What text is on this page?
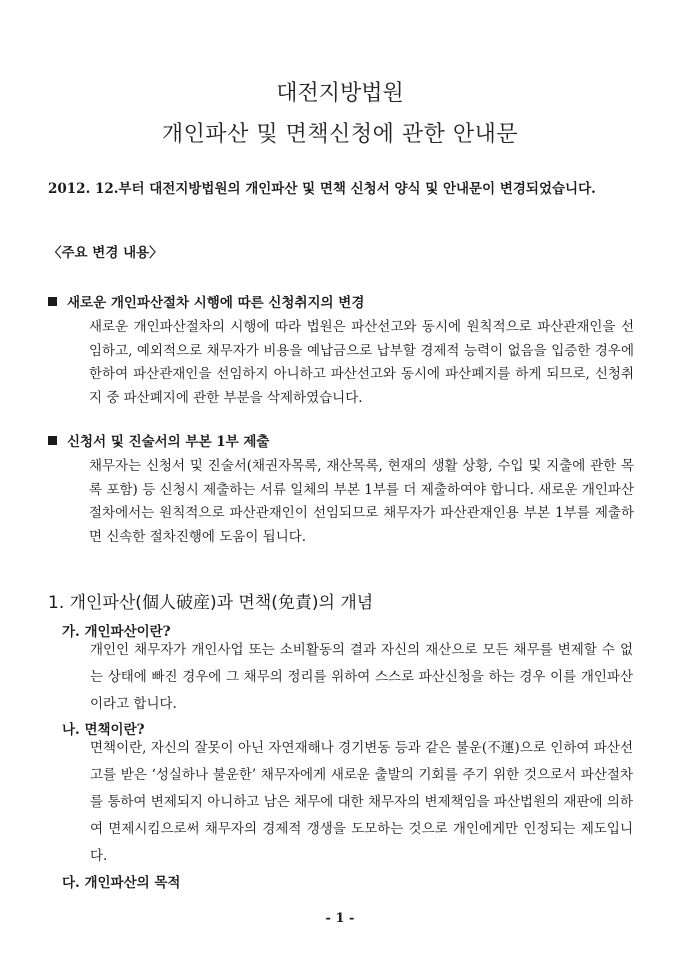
대전지방법원
개인파산 및 면책신청에 관한 안내문
2012. 12.부터 대전지방법원의 개인파산 및 면책 신청서 양식 및 안내문이 변경되었습니다.
〈주요 변경 내용〉
새로운 개인파산절차 시행에 따른 신청취지의 변경
새로운 개인파산절차의 시행에 따라 법원은 파산선고와 동시에 원칙적으로 파산관재인을 선임하고, 예외적으로 채무자가 비용을 예납금으로 납부할 경제적 능력이 없음을 입증한 경우에 한하여 파산관재인을 선임하지 아니하고 파산선고와 동시에 파산폐지를 하게 되므로, 신청취지 중 파산폐지에 관한 부분을 삭제하였습니다.
신청서 및 진술서의 부본 1부 제출
채무자는 신청서 및 진술서(채권자목록, 재산목록, 현재의 생활 상황, 수입 및 지출에 관한 목록 포함) 등 신청시 제출하는 서류 일체의 부본 1부를 더 제출하여야 합니다. 새로운 개인파산절차에서는 원칙적으로 파산관재인이 선임되므로 채무자가 파산관재인용 부본 1부를 제출하면 신속한 절차진행에 도움이 됩니다.
1. 개인파산(個人破産)과 면책(免責)의 개념
가. 개인파산이란?
개인인 채무자가 개인사업 또는 소비활동의 결과 자신의 재산으로 모든 채무를 변제할 수 없는 상태에 빠진 경우에 그 채무의 정리를 위하여 스스로 파산신청을 하는 경우 이를 개인파산이라고 합니다.
나. 면책이란?
면책이란, 자신의 잘못이 아닌 자연재해나 경기변동 등과 같은 불운(不運)으로 인하여 파산선고를 받은 ‘성실하나 불운한’ 채무자에게 새로운 출발의 기회를 주기 위한 것으로서 파산절차를 통하여 변제되지 아니하고 남은 채무에 대한 채무자의 변제책임을 파산법원의 재판에 의하여 면제시킴으로써 채무자의 경제적 갱생을 도모하는 것으로 개인에게만 인정되는 제도입니다.
다. 개인파산의 목적
- 1 -
